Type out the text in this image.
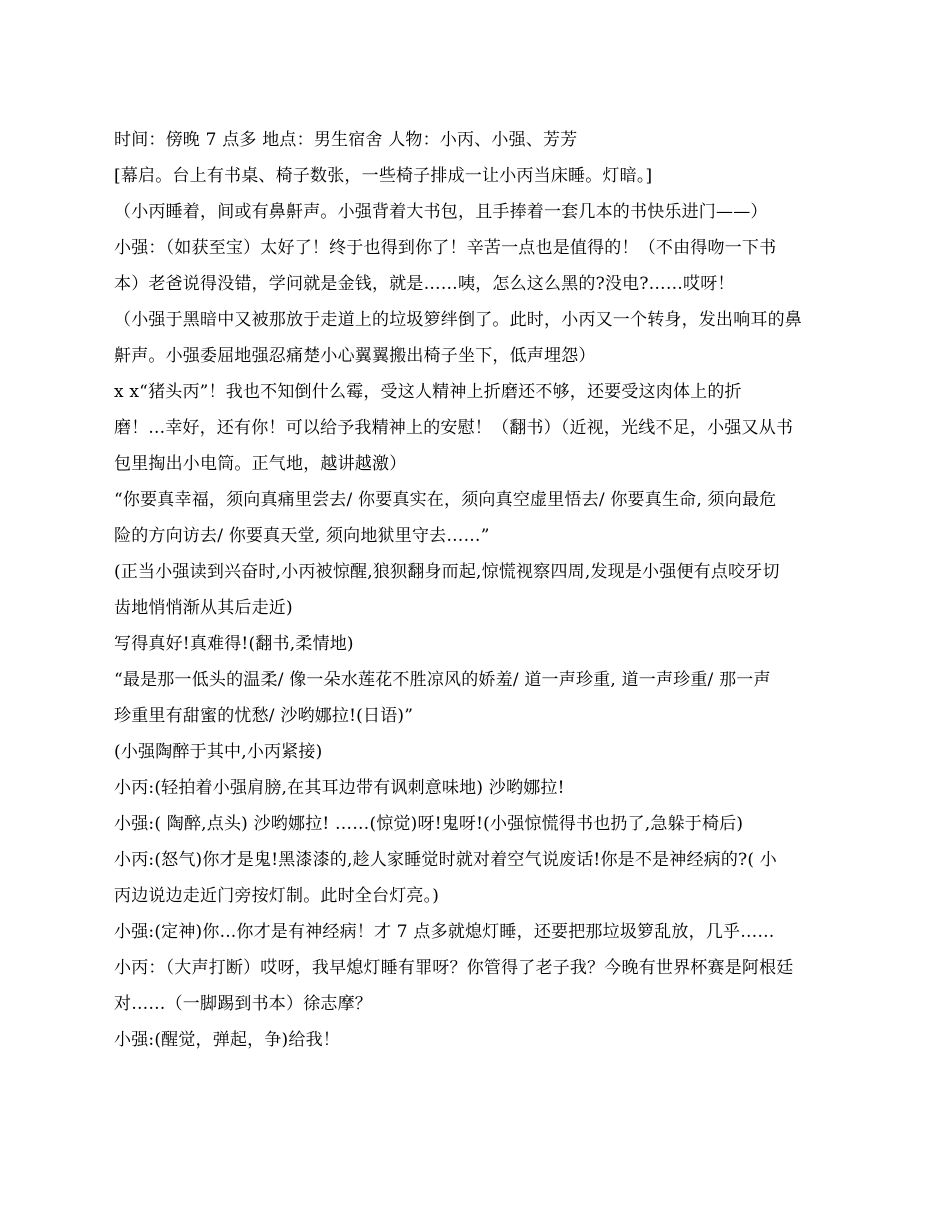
时间：傍晚 7 点多 地点：男生宿舍 人物：小丙、小强、芳芳
[幕启。台上有书桌、椅子数张，一些椅子排成一让小丙当床睡。灯暗。]
（小丙睡着，间或有鼻鼾声。小强背着大书包，且手捧着一套几本的书快乐进门——）
小强：（如获至宝）太好了！终于也得到你了！辛苦一点也是值得的！（不由得吻一下书
本）老爸说得没错，学问就是金钱，就是……咦，怎么这么黑的?没电?……哎呀！
（小强于黑暗中又被那放于走道上的垃圾箩绊倒了。此时，小丙又一个转身，发出响耳的鼻
鼾声。小强委屈地强忍痛楚小心翼翼搬出椅子坐下，低声埋怨）
x x“猪头丙”！我也不知倒什么霉，受这人精神上折磨还不够，还要受这肉体上的折
磨！...幸好，还有你！可以给予我精神上的安慰！（翻书）（近视，光线不足，小强又从书
包里掏出小电筒。正气地，越讲越激）
“你要真幸福，须向真痛里尝去/ 你要真实在，须向真空虚里悟去/ 你要真生命, 须向最危
险的方向访去/ 你要真天堂, 须向地狱里守去……”
(正当小强读到兴奋时,小丙被惊醒,狼狈翻身而起,惊慌视察四周,发现是小强便有点咬牙切
齿地悄悄渐从其后走近)
写得真好!真难得!(翻书,柔情地)
“最是那一低头的温柔/ 像一朵水莲花不胜凉风的娇羞/ 道一声珍重, 道一声珍重/ 那一声
珍重里有甜蜜的忧愁/ 沙哟娜拉!(日语)”
(小强陶醉于其中,小丙紧接)
小丙:(轻拍着小强肩膀,在其耳边带有讽刺意味地) 沙哟娜拉!
小强:( 陶醉,点头) 沙哟娜拉! ……(惊觉)呀!鬼呀!(小强惊慌得书也扔了,急躲于椅后)
小丙:(怒气)你才是鬼!黑漆漆的,趁人家睡觉时就对着空气说废话!你是不是神经病的?( 小
丙边说边走近门旁按灯制。此时全台灯亮。)
小强:(定神)你...你才是有神经病！才 7 点多就熄灯睡，还要把那垃圾箩乱放，几乎……
小丙：（大声打断）哎呀，我早熄灯睡有罪呀？你管得了老子我？今晚有世界杯赛是阿根廷
对……（一脚踢到书本）徐志摩？
小强:(醒觉，弹起，争)给我！
